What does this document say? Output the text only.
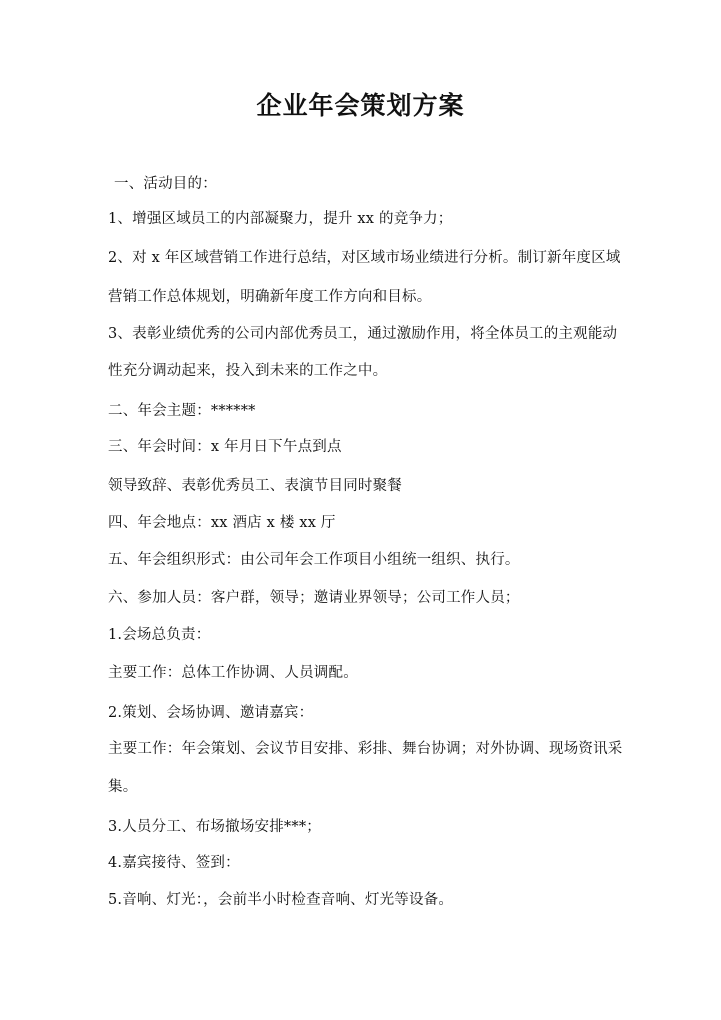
企业年会策划方案
一、活动目的：
1、增强区域员工的内部凝聚力，提升 xx 的竞争力；
2、对 x 年区域营销工作进行总结，对区域市场业绩进行分析。制订新年度区域
营销工作总体规划，明确新年度工作方向和目标。
3、表彰业绩优秀的公司内部优秀员工，通过激励作用，将全体员工的主观能动
性充分调动起来，投入到未来的工作之中。
二、年会主题：******
三、年会时间：x 年月日下午点到点
领导致辞、表彰优秀员工、表演节目同时聚餐
四、年会地点：xx 酒店 x 楼 xx 厅
五、年会组织形式：由公司年会工作项目小组统一组织、执行。
六、参加人员：客户群，领导；邀请业界领导；公司工作人员；
1.会场总负责：
主要工作：总体工作协调、人员调配。
2.策划、会场协调、邀请嘉宾：
主要工作：年会策划、会议节目安排、彩排、舞台协调；对外协调、现场资讯采
集。
3.人员分工、布场撤场安排***；
4.嘉宾接待、签到：
5.音响、灯光：，会前半小时检查音响、灯光等设备。
